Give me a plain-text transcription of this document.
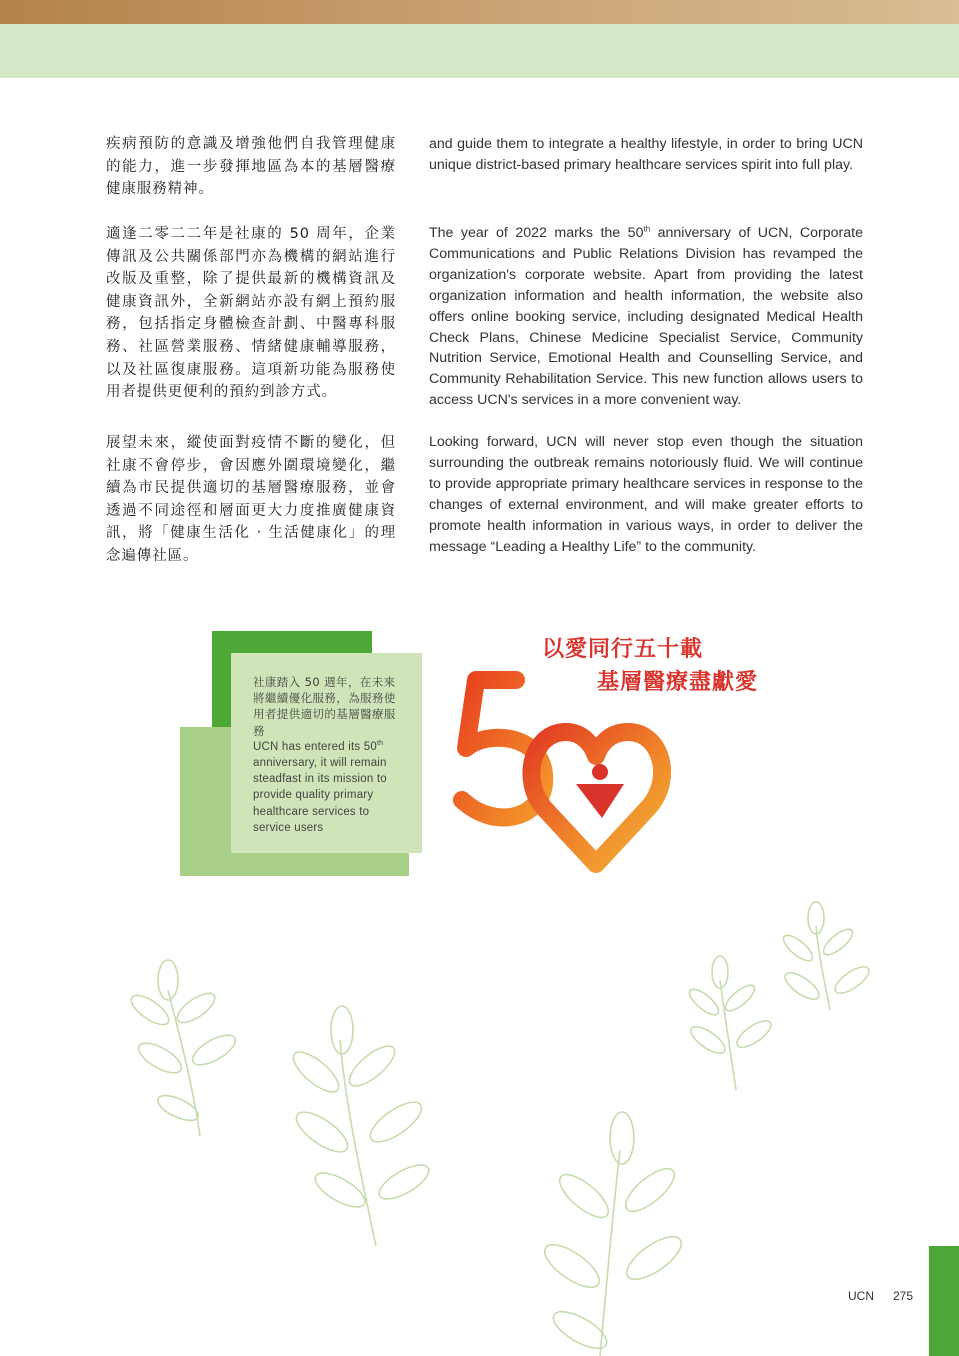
疾病預防的意識及增強他們自我管理健康的能力，進一步發揮地區為本的基層醫療健康服務精神。

適逢二零二二年是社康的 50 周年，企業傳訊及公共關係部門亦為機構的網站進行改版及重整，除了提供最新的機構資訊及健康資訊外，全新網站亦設有網上預約服務，包括指定身體檢查計劃、中醫專科服務、社區營業服務、情緒健康輔導服務，以及社區復康服務。這項新功能為服務使用者提供更便利的預約到診方式。

展望未來，縱使面對疫情不斷的變化，但社康不會停步，會因應外圍環境變化，繼續為市民提供適切的基層醫療服務，並會透過不同途徑和層面更大力度推廣健康資訊，將「健康生活化 ‧ 生活健康化」的理念遍傳社區。

and guide them to integrate a healthy lifestyle, in order to bring UCN unique district-based primary healthcare services spirit into full play.

The year of 2022 marks the 50th anniversary of UCN, Corporate Communications and Public Relations Division has revamped the organization's corporate website. Apart from providing the latest organization information and health information, the website also offers online booking service, including designated Medical Health Check Plans, Chinese Medicine Specialist Service, Community Nutrition Service, Emotional Health and Counselling Service, and Community Rehabilitation Service. This new function allows users to access UCN's services in a more convenient way.

Looking forward, UCN will never stop even though the situation surrounding the outbreak remains notoriously fluid. We will continue to provide appropriate primary healthcare services in response to the changes of external environment, and will make greater efforts to promote health information in various ways, in order to deliver the message “Leading a Healthy Life” to the community.

社康踏入 50 週年，在未來將繼續優化服務，為服務使用者提供適切的基層醫療服務
UCN has entered its 50th anniversary, it will remain steadfast in its mission to provide quality primary healthcare services to service users

以愛同行五十載

基層醫療盡獻愛

UCN 275
